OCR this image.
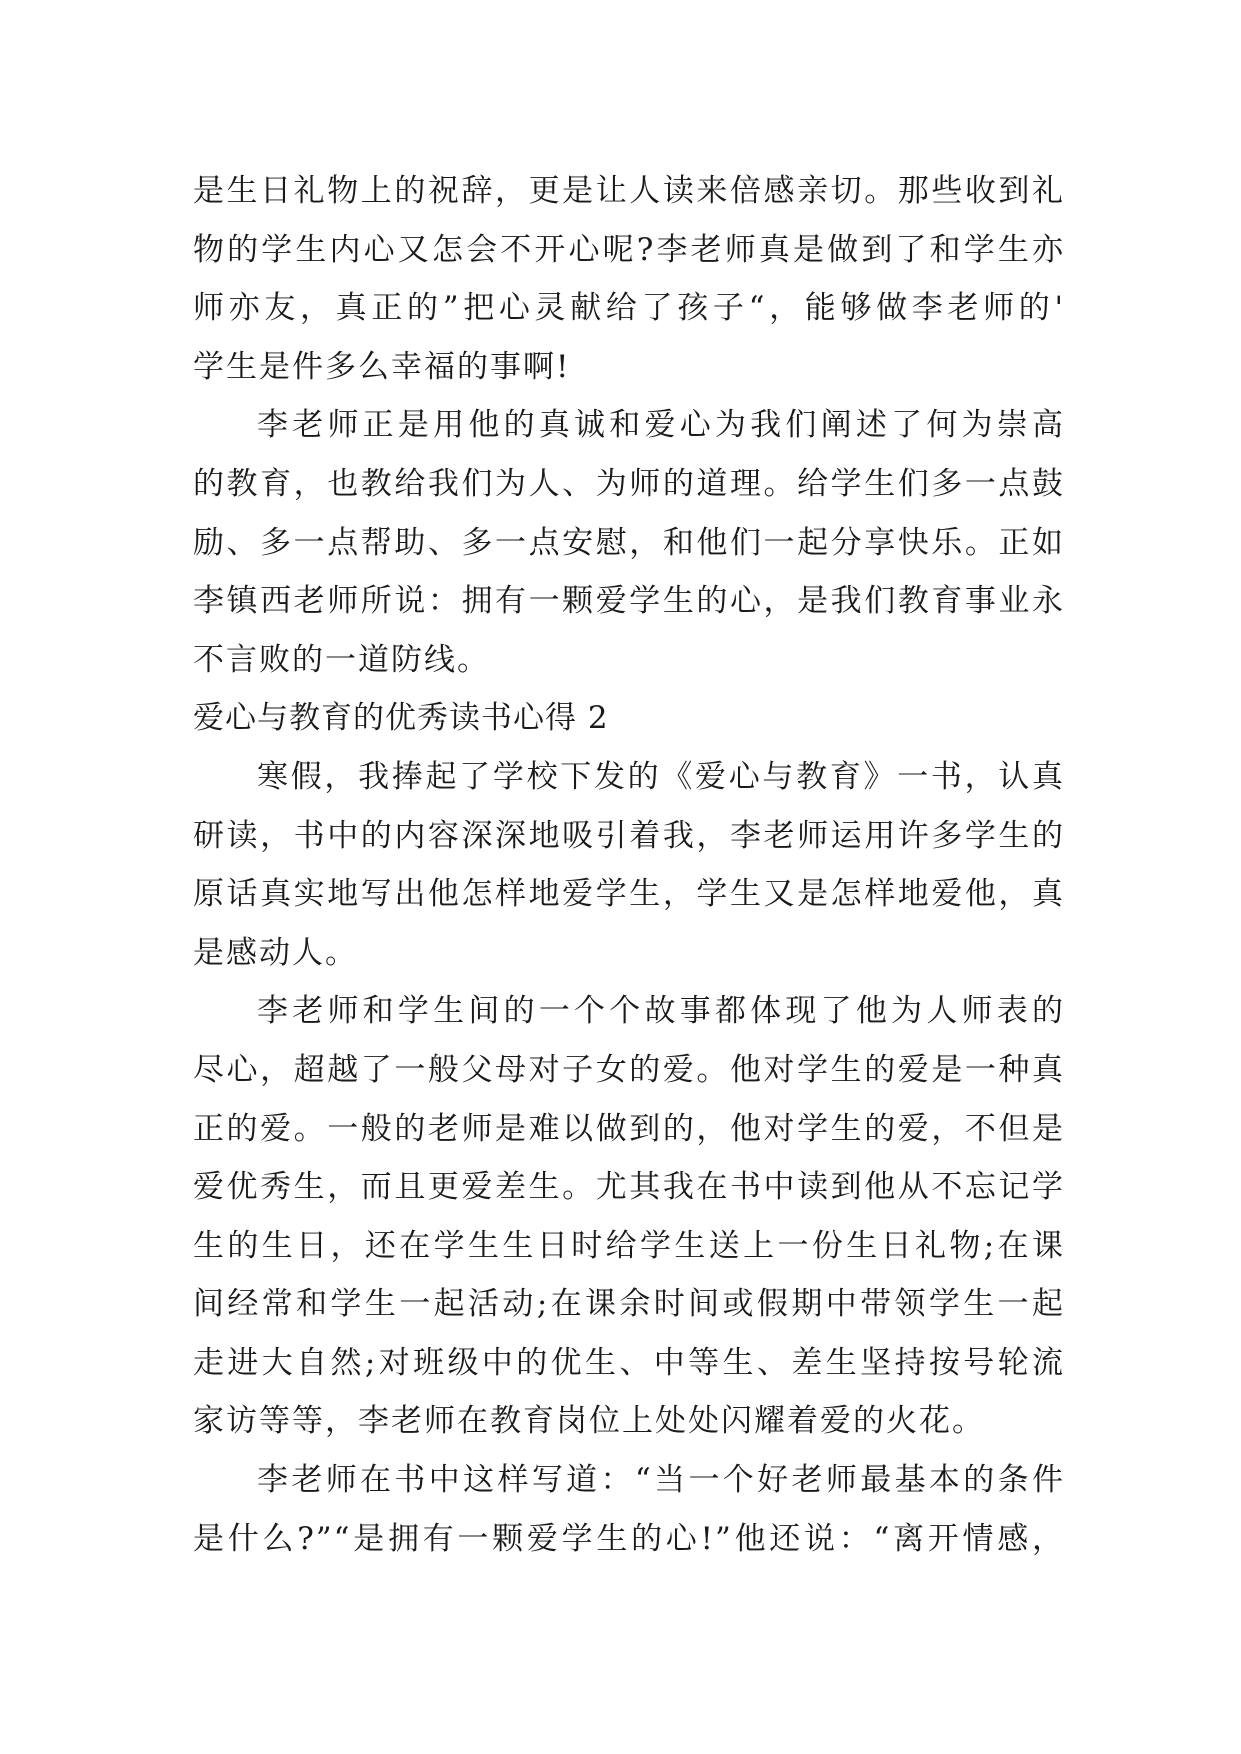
是生日礼物上的祝辞，更是让人读来倍感亲切。那些收到礼
物的学生内心又怎会不开心呢?李老师真是做到了和学生亦
师亦友，真正的”把心灵献给了孩子“，能够做李老师的'
学生是件多么幸福的事啊!
李老师正是用他的真诚和爱心为我们阐述了何为崇高
的教育，也教给我们为人、为师的道理。给学生们多一点鼓
励、多一点帮助、多一点安慰，和他们一起分享快乐。正如
李镇西老师所说：拥有一颗爱学生的心，是我们教育事业永
不言败的一道防线。
爱心与教育的优秀读书心得 2
寒假，我捧起了学校下发的《爱心与教育》一书，认真
研读，书中的内容深深地吸引着我，李老师运用许多学生的
原话真实地写出他怎样地爱学生，学生又是怎样地爱他，真
是感动人。
李老师和学生间的一个个故事都体现了他为人师表的
尽心，超越了一般父母对子女的爱。他对学生的爱是一种真
正的爱。一般的老师是难以做到的，他对学生的爱，不但是
爱优秀生，而且更爱差生。尤其我在书中读到他从不忘记学
生的生日，还在学生生日时给学生送上一份生日礼物;在课
间经常和学生一起活动;在课余时间或假期中带领学生一起
走进大自然;对班级中的优生、中等生、差生坚持按号轮流
家访等等，李老师在教育岗位上处处闪耀着爱的火花。
李老师在书中这样写道：“当一个好老师最基本的条件
是什么?”“是拥有一颗爱学生的心!”他还说：“离开情感，
